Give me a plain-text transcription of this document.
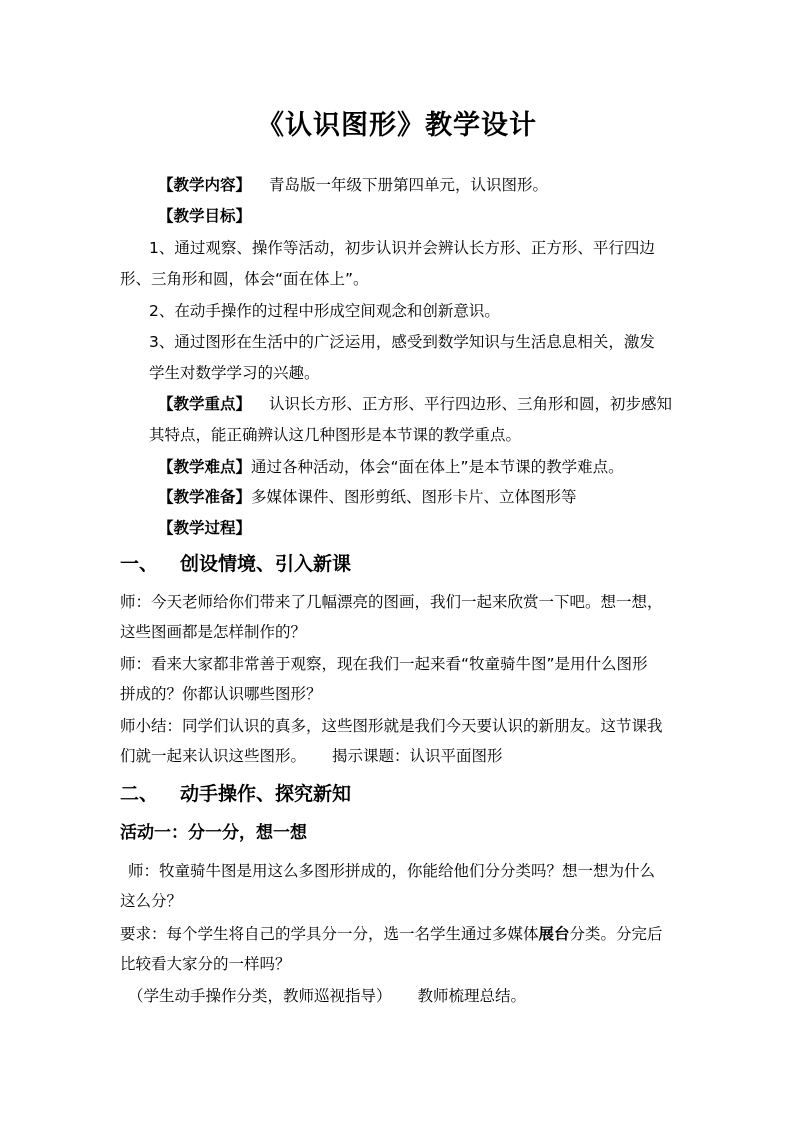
《认识图形》教学设计
【教学内容】 青岛版一年级下册第四单元，认识图形。
【教学目标】
1、通过观察、操作等活动，初步认识并会辨认长方形、正方形、平行四边
形、三角形和圆，体会“面在体上”。
2、在动手操作的过程中形成空间观念和创新意识。
3、通过图形在生活中的广泛运用，感受到数学知识与生活息息相关，激发
学生对数学学习的兴趣。
【教学重点】 认识长方形、正方形、平行四边形、三角形和圆，初步感知
其特点，能正确辨认这几种图形是本节课的教学重点。
【教学难点】通过各种活动，体会“面在体上”是本节课的教学难点。
【教学准备】多媒体课件、图形剪纸、图形卡片、立体图形等
【教学过程】
一、 创设情境、引入新课
师：今天老师给你们带来了几幅漂亮的图画，我们一起来欣赏一下吧。想一想，
这些图画都是怎样制作的？
师：看来大家都非常善于观察，现在我们一起来看“牧童骑牛图”是用什么图形
拼成的？你都认识哪些图形？
师小结：同学们认识的真多，这些图形就是我们今天要认识的新朋友。这节课我
们就一起来认识这些图形。 揭示课题：认识平面图形
二、 动手操作、探究新知
活动一：分一分，想一想
师：牧童骑牛图是用这么多图形拼成的，你能给他们分分类吗？想一想为什么
这么分？
要求：每个学生将自己的学具分一分，选一名学生通过多媒体展台分类。分完后
比较看大家分的一样吗？
（学生动手操作分类，教师巡视指导） 教师梳理总结。
